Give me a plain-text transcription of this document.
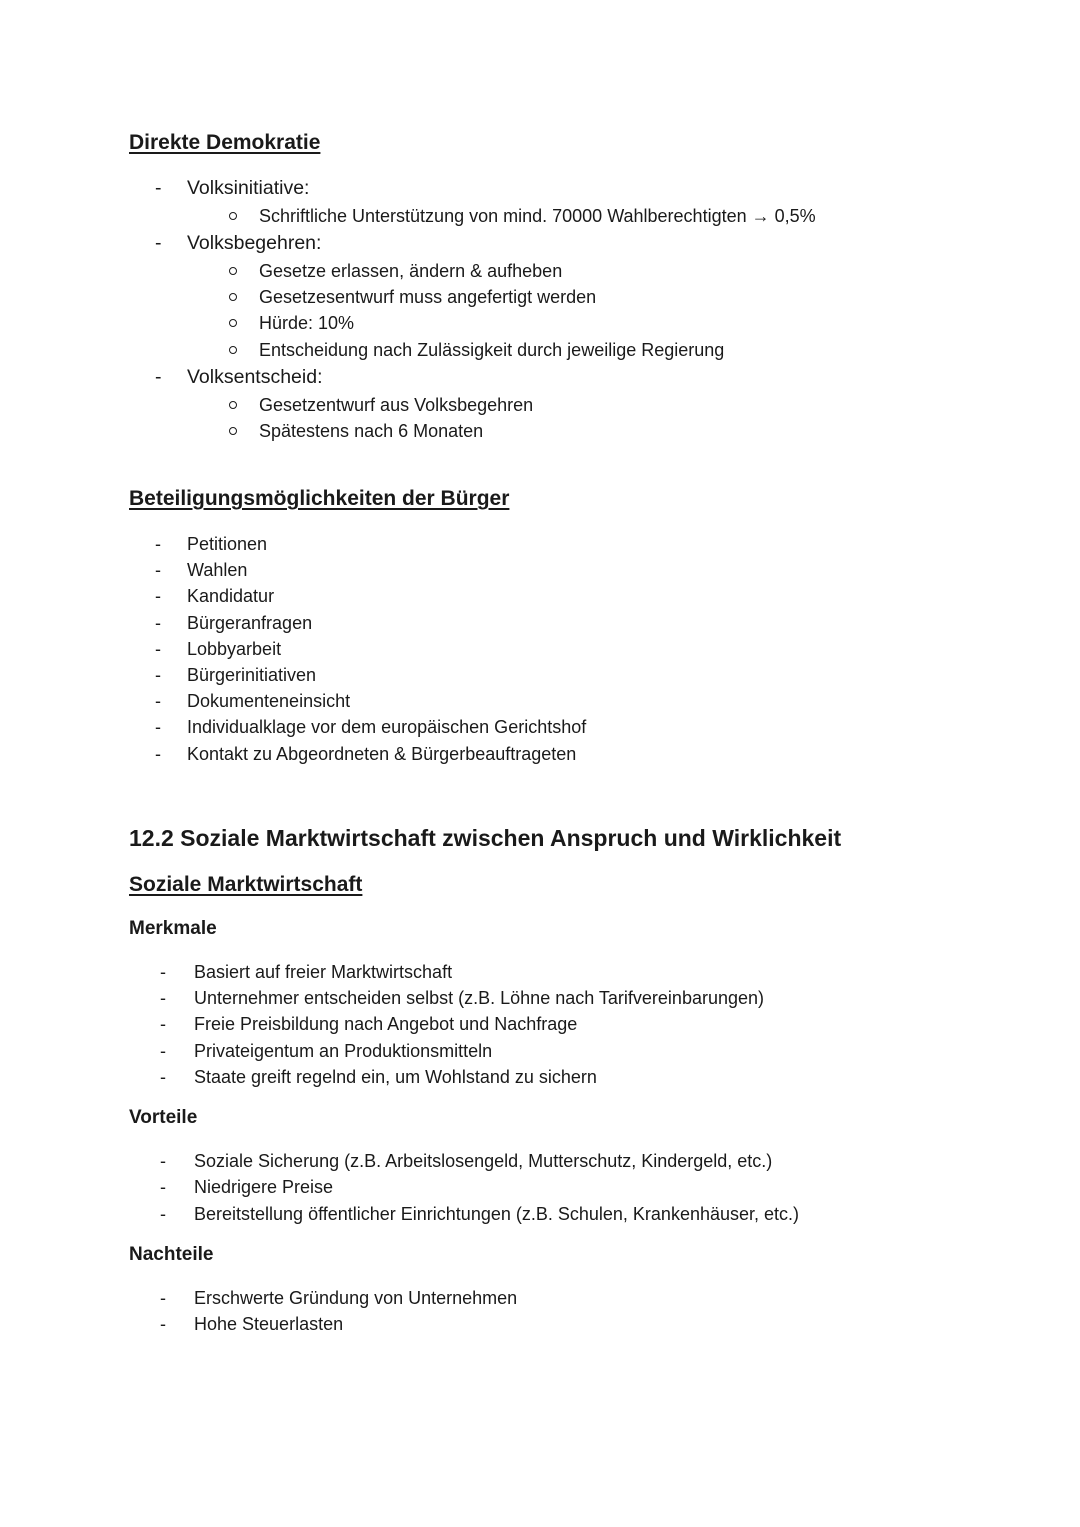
Direkte Demokratie
- Volksinitiative:
Schriftliche Unterstützung von mind. 70000 Wahlberechtigten → 0,5%
- Volksbegehren:
Gesetze erlassen, ändern & aufheben
Gesetzesentwurf muss angefertigt werden
Hürde: 10%
Entscheidung nach Zulässigkeit durch jeweilige Regierung
- Volksentscheid:
Gesetzentwurf aus Volksbegehren
Spätestens nach 6 Monaten
Beteiligungsmöglichkeiten der Bürger
- Petitionen
- Wahlen
- Kandidatur
- Bürgeranfragen
- Lobbyarbeit
- Bürgerinitiativen
- Dokumenteneinsicht
- Individualklage vor dem europäischen Gerichtshof
- Kontakt zu Abgeordneten & Bürgerbeauftrageten
12.2 Soziale Marktwirtschaft zwischen Anspruch und Wirklichkeit
Soziale Marktwirtschaft
Merkmale
- Basiert auf freier Marktwirtschaft
- Unternehmer entscheiden selbst (z.B. Löhne nach Tarifvereinbarungen)
- Freie Preisbildung nach Angebot und Nachfrage
- Privateigentum an Produktionsmitteln
- Staate greift regelnd ein, um Wohlstand zu sichern
Vorteile
- Soziale Sicherung (z.B. Arbeitslosengeld, Mutterschutz, Kindergeld, etc.)
- Niedrigere Preise
- Bereitstellung öffentlicher Einrichtungen (z.B. Schulen, Krankenhäuser, etc.)
Nachteile
- Erschwerte Gründung von Unternehmen
- Hohe Steuerlasten
